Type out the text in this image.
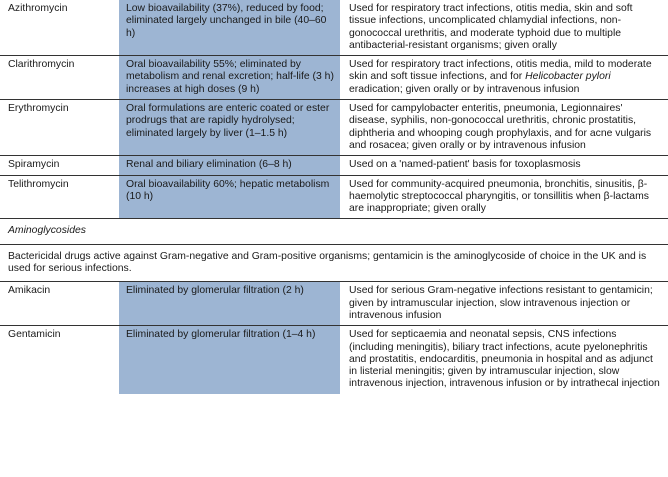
Azithromycin	Low bioavailability (37%), reduced by food; eliminated largely unchanged in bile (40–60 h)	Used for respiratory tract infections, otitis media, skin and soft tissue infections, uncomplicated chlamydial infections, non-gonococcal urethritis, and moderate typhoid due to multiple antibacterial-resistant organisms; given orally
Clarithromycin	Oral bioavailability 55%; eliminated by metabolism and renal excretion; half-life (3 h) increases at high doses (9 h)	Used for respiratory tract infections, otitis media, mild to moderate skin and soft tissue infections, and for Helicobacter pylori eradication; given orally or by intravenous infusion
Erythromycin	Oral formulations are enteric coated or ester prodrugs that are rapidly hydrolysed; eliminated largely by liver (1–1.5 h)	Used for campylobacter enteritis, pneumonia, Legionnaires' disease, syphilis, non-gonococcal urethritis, chronic prostatitis, diphtheria and whooping cough prophylaxis, and for acne vulgaris and rosacea; given orally or by intravenous infusion
Spiramycin	Renal and biliary elimination (6–8 h)	Used on a 'named-patient' basis for toxoplasmosis
Telithromycin	Oral bioavailability 60%; hepatic metabolism (10 h)	Used for community-acquired pneumonia, bronchitis, sinusitis, β-haemolytic streptococcal pharyngitis, or tonsillitis when β-lactams are inappropriate; given orally
Aminoglycosides		
Bactericidal drugs active against Gram-negative and Gram-positive organisms; gentamicin is the aminoglycoside of choice in the UK and is used for serious infections.		
Amikacin	Eliminated by glomerular filtration (2 h)	Used for serious Gram-negative infections resistant to gentamicin; given by intramuscular injection, slow intravenous injection or intravenous infusion
Gentamicin	Eliminated by glomerular filtration (1–4 h)	Used for septicaemia and neonatal sepsis, CNS infections (including meningitis), biliary tract infections, acute pyelonephritis and prostatitis, endocarditis, pneumonia in hospital and as adjunct in listerial meningitis; given by intramuscular injection, slow intravenous injection, intravenous infusion or by intrathecal injection
